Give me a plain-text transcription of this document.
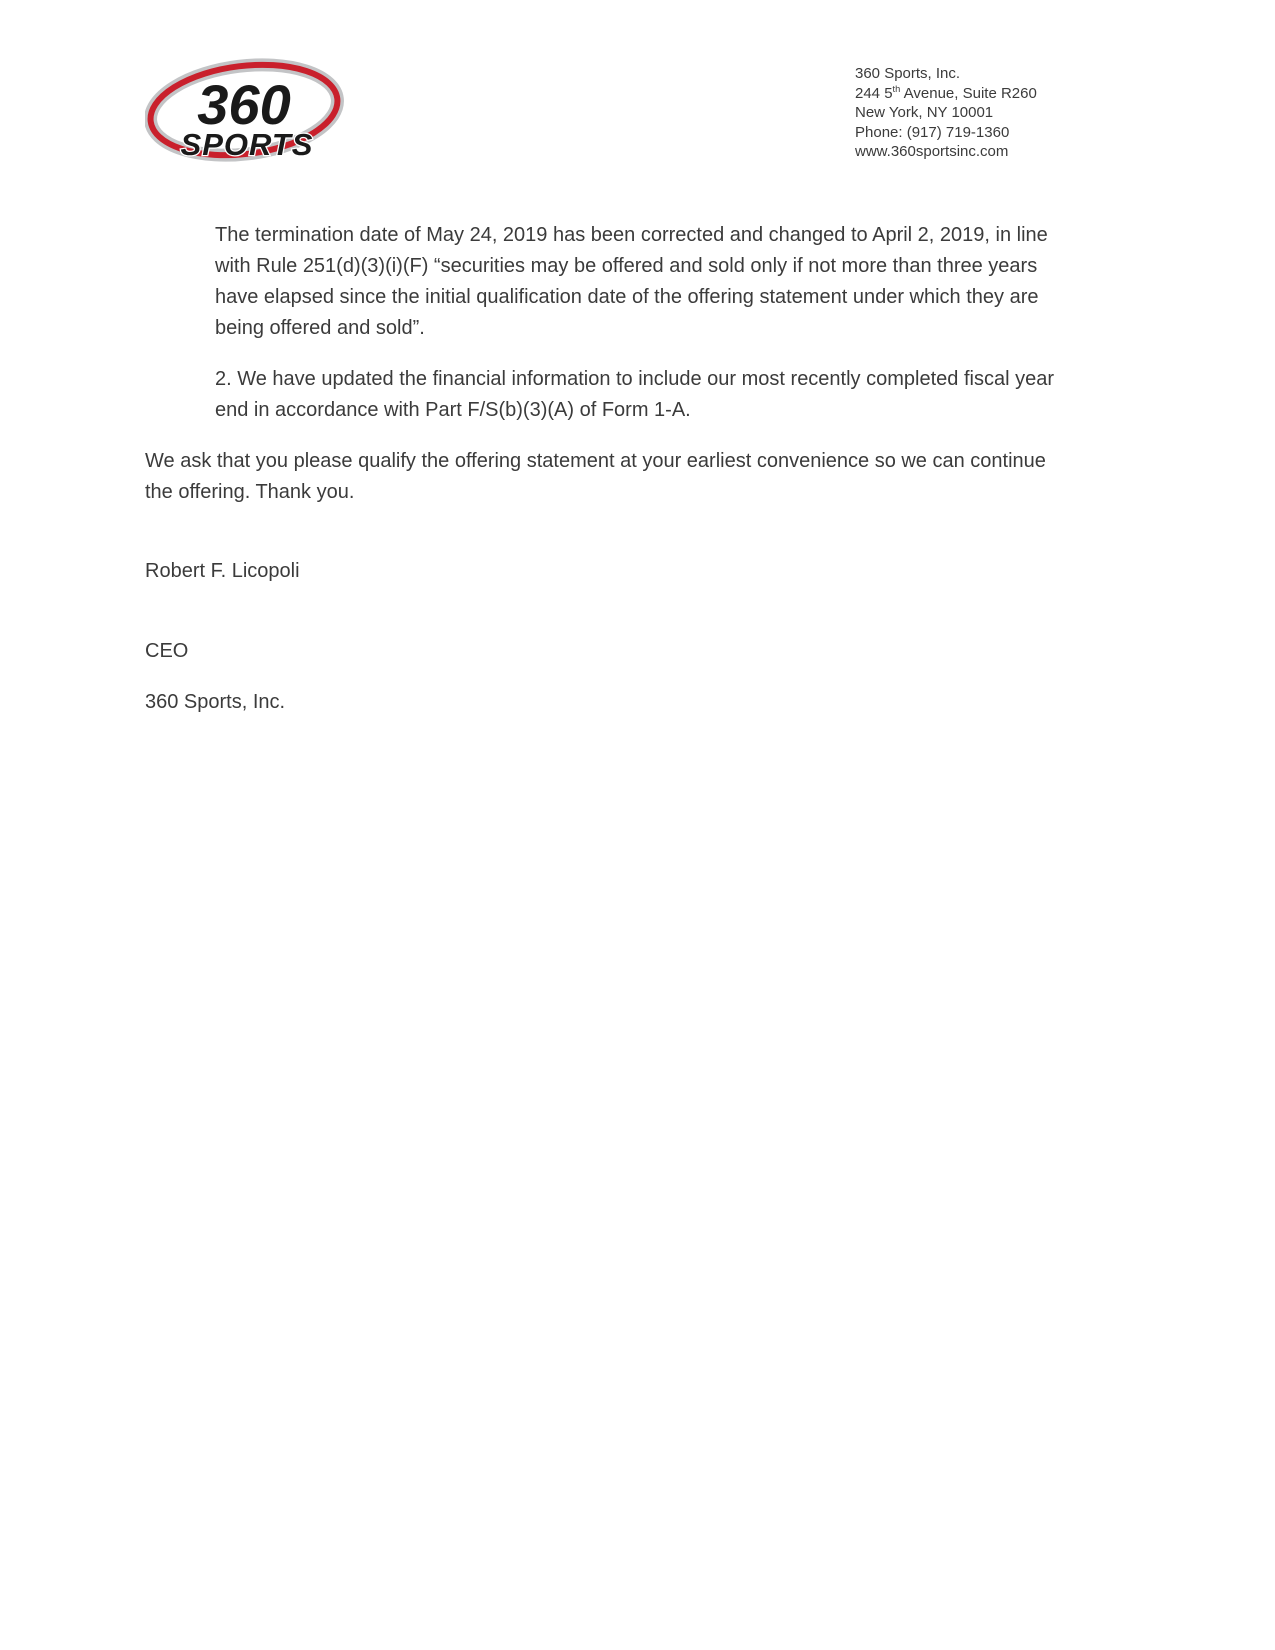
360
SPORTS
360 Sports, Inc.
244 5th Avenue, Suite R260
New York, NY 10001
Phone: (917) 719-1360
www.360sportsinc.com

The termination date of May 24, 2019 has been corrected and changed to April 2, 2019, in line with Rule 251(d)(3)(i)(F) “securities may be offered and sold only if not more than three years have elapsed since the initial qualification date of the offering statement under which they are being offered and sold”.

2. We have updated the financial information to include our most recently completed fiscal year end in accordance with Part F/S(b)(3)(A) of Form 1-A.

We ask that you please qualify the offering statement at your earliest convenience so we can continue the offering. Thank you.

Robert F. Licopoli

CEO

360 Sports, Inc.
